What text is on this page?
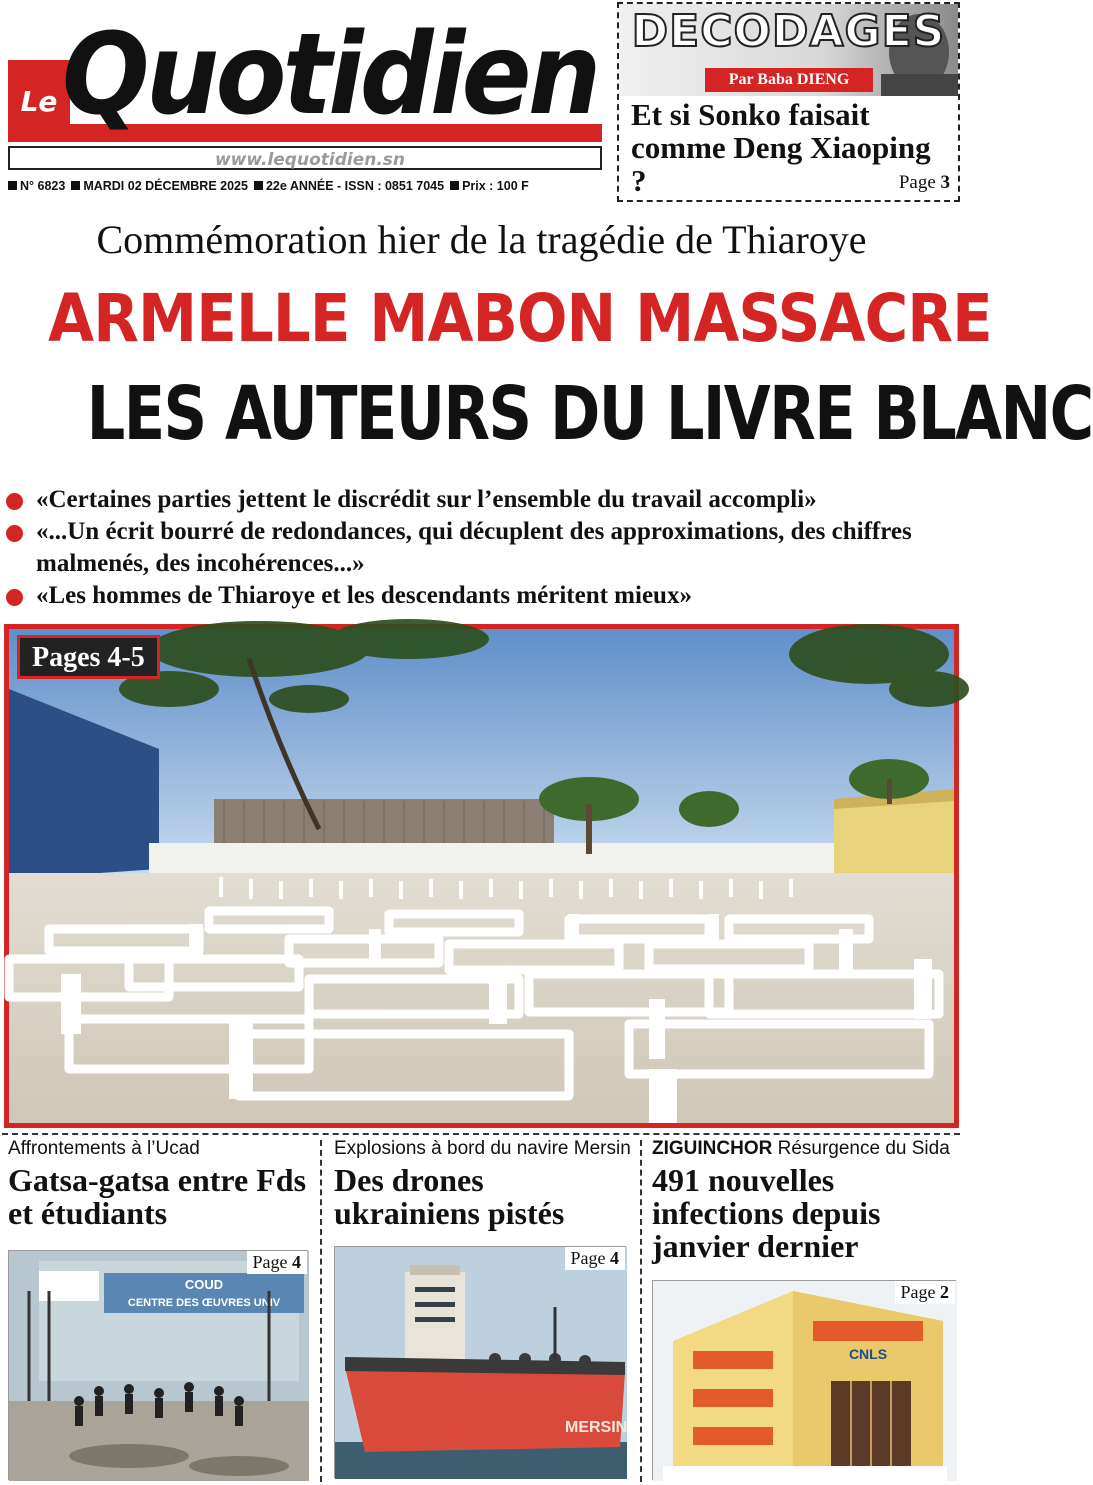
Le Quotidien
www.lequotidien.sn
N° 6823	MARDI 02 DÉCEMBRE 2025	22e ANNÉE - ISSN : 0851 7045	Prix : 100 F
DECODAGES
Par Baba DIENG
Et si Sonko faisait comme Deng Xiaoping ?	Page 3
Commémoration hier de la tragédie de Thiaroye
ARMELLE MABON MASSACRE
LES AUTEURS DU LIVRE BLANC
«Certaines parties jettent le discrédit sur l’ensemble du travail accompli»
«...Un écrit bourré de redondances, qui décuplent des approximations, des chiffres malmenés, des incohérences...»
«Les hommes de Thiaroye et les descendants méritent mieux»
Pages 4-5
Affrontements à l’Ucad
Gatsa-gatsa entre Fds et étudiants
Page 4
COUD
CENTRE DES ŒUVRES UNIV
Explosions à bord du navire Mersin
Des drones ukrainiens pistés
Page 4
MERSIN
ZIGUINCHOR Résurgence du Sida
491 nouvelles infections depuis janvier dernier
Page 2
CNLS
